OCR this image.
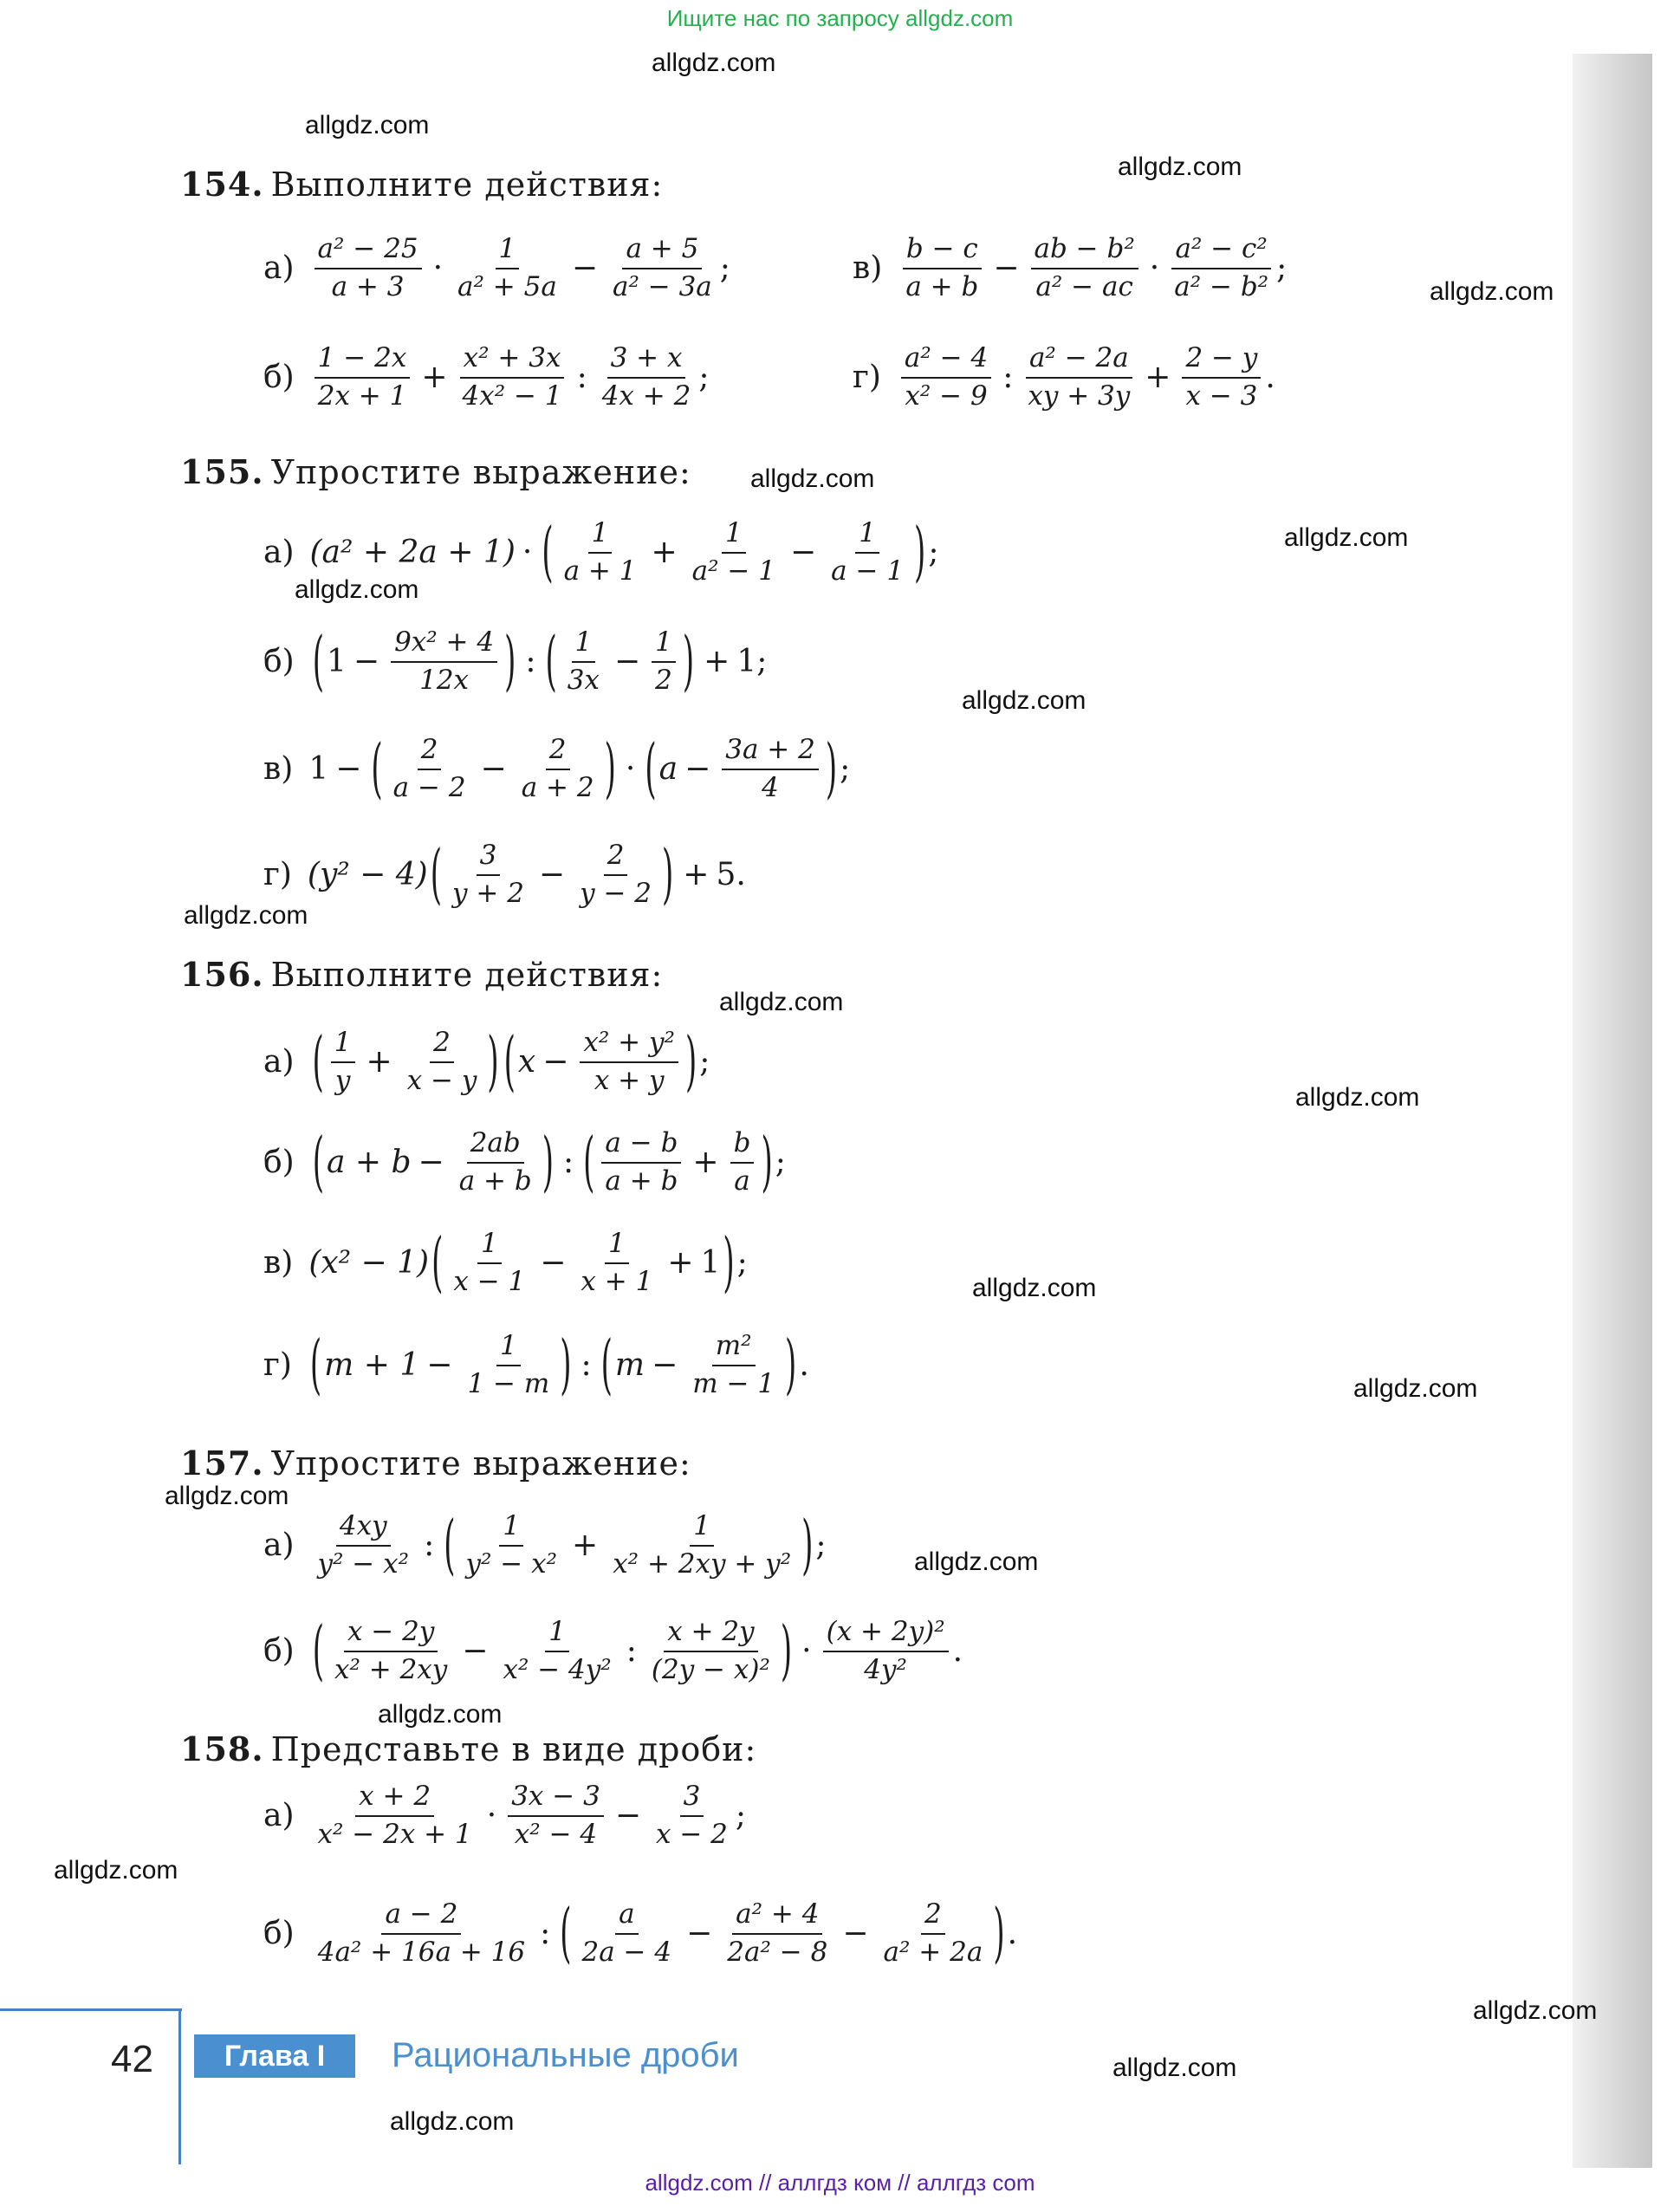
Ищите нас по запросу allgdz.com
allgdz.com
allgdz.com
allgdz.com
allgdz.com
allgdz.com
allgdz.com
allgdz.com
allgdz.com
allgdz.com
allgdz.com
allgdz.com
allgdz.com
allgdz.com
allgdz.com
allgdz.com
allgdz.com
allgdz.com
allgdz.com
allgdz.com
allgdz.com
154. Выполните действия:
$а) \frac{\text{a² − 25}}{a + 3} \cdot \frac{1}{\text{a² + 5a}} - \frac{a + 5}{\text{a² − 3a}}$ ;	$в) \frac{b - c}{a + b} - \frac{\text{ab − b²}}{\text{a² − ac}} \cdot \frac{\text{a² − c²}}{\text{a² − b²}}$ ;
$б) \frac{1 - 2x}{2x + 1} + \frac{\text{x² + 3x}}{\text{4x² − 1}}$ : $\frac{3 + x}{4x + 2}$ ;	$г) \frac{\text{a² − 4}}{\text{x² − 9}}$ : $\frac{\text{a² − 2a}}{xy + 3y} + \frac{2 - y}{x - 3}$ .
155. Упростите выражение:
а) (a² + 2a + 1) · ( $\frac{1}{a + 1} + \frac{1}{\text{a² − 1}} - \frac{1}{a - 1}$ ) ;
б) ( $1 - \frac{\text{9x² + 4}}{12x}$ ) : ( $\frac{1}{3x} - \frac{1}{2}$ ) + 1;
в) 1 − ( $\frac{2}{a - 2} - \frac{2}{a + 2}$ ) · ( $a - \frac{3a + 2}{4}$ ) ;
г) (y² − 4) ( $\frac{3}{y + 2} - \frac{2}{y - 2}$ ) + 5.
156. Выполните действия:
а) ( $\frac{1}{y} + \frac{2}{x - y}$ ) ( $x - \frac{\text{x² + y²}}{x + y}$ ) ;
б) ( $a + b - \frac{2ab}{a + b}$ ) : ( $\frac{a - b}{a + b} + \frac{b}{a}$ ) ;
в) (x² − 1) ( $\frac{1}{x - 1} - \frac{1}{x + 1} + 1$ ) ;
г) ( $m + 1 - \frac{1}{1 - m}$ ) : ( $m - \frac{\text{m²}}{m - 1}$ ) .
157. Упростите выражение:
$а) \frac{4xy}{\text{y² − x²}}$ : ( $\frac{1}{\text{y² − x²}} + \frac{1}{\text{x² + 2xy + y²}}$ ) ;
б) ( $\frac{x - 2y}{\text{x² + 2xy}} - \frac{1}{\text{x² − 4y²}}$ : $\frac{x + 2y}{\text{(2y − x)²}}$ ) · $\frac{\text{(x + 2y)²}}{\text{4y²}}$ .
158. Представьте в виде дроби:
$а) \frac{x + 2}{\text{x² − 2x + 1}} \cdot \frac{3x - 3}{\text{x² − 4}} - \frac{3}{x - 2}$ ;
$б) \frac{a - 2}{\text{4a² + 16a + 16}}$ : ( $\frac{a}{2a - 4} - \frac{\text{a² + 4}}{\text{2a² − 8}} - \frac{2}{\text{a² + 2a}}$ ) .
42	Глава I	Рациональные дроби
allgdz.com // аллгдз ком // аллгдз com
